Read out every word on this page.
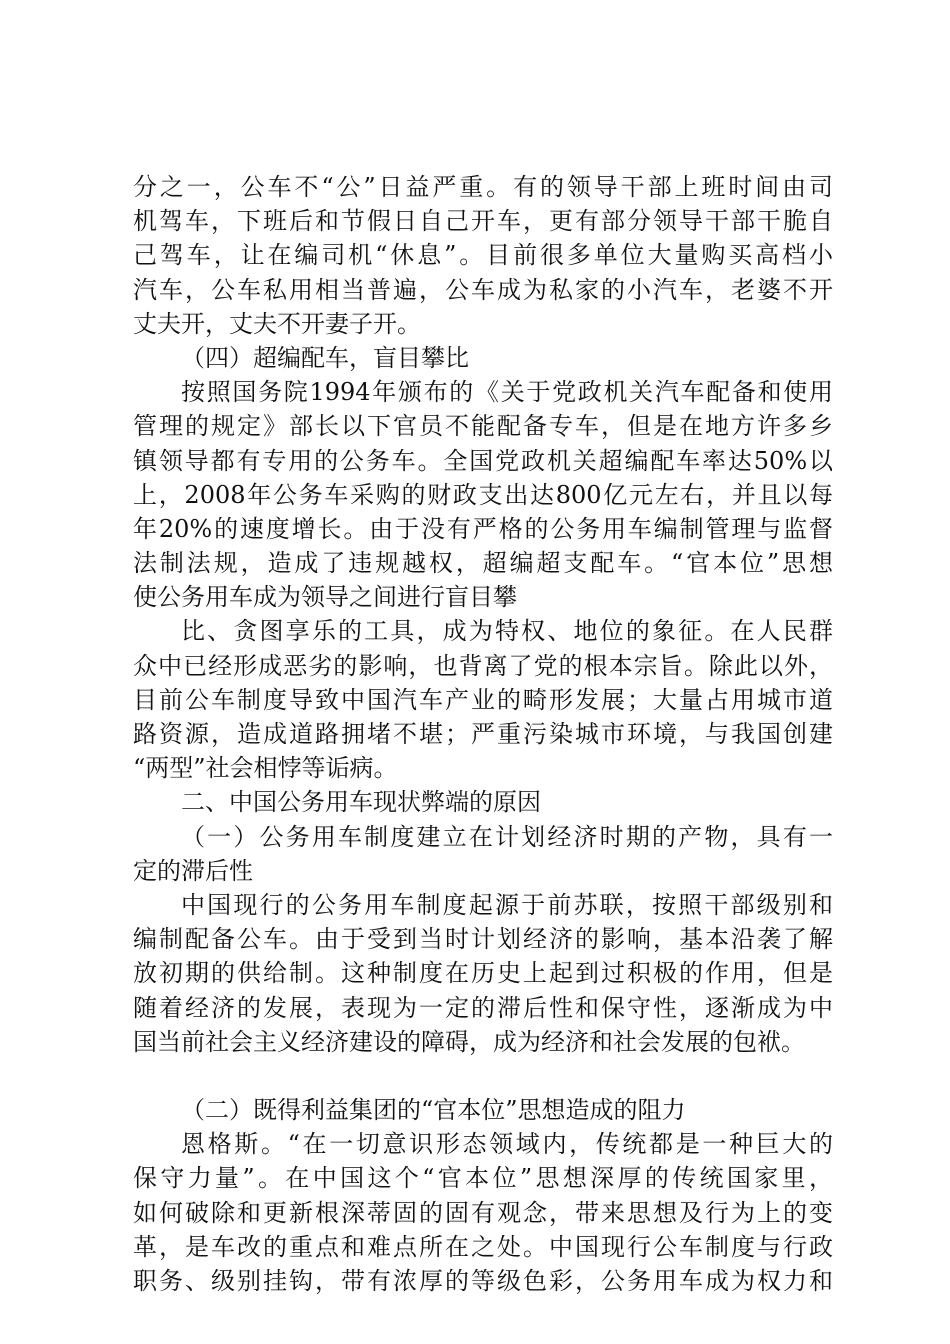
分之一，公车不“公”日益严重。有的领导干部上班时间由司
机驾车，下班后和节假日自己开车，更有部分领导干部干脆自
己驾车，让在编司机“休息”。目前很多单位大量购买高档小
汽车，公车私用相当普遍，公车成为私家的小汽车，老婆不开
丈夫开，丈夫不开妻子开。
（四）超编配车，盲目攀比
按照国务院1994年颁布的《关于党政机关汽车配备和使用
管理的规定》部长以下官员不能配备专车，但是在地方许多乡
镇领导都有专用的公务车。全国党政机关超编配车率达50%以
上，2008年公务车采购的财政支出达800亿元左右，并且以每
年20%的速度增长。由于没有严格的公务用车编制管理与监督
法制法规，造成了违规越权，超编超支配车。“官本位”思想
使公务用车成为领导之间进行盲目攀
比、贪图享乐的工具，成为特权、地位的象征。在人民群
众中已经形成恶劣的影响，也背离了党的根本宗旨。除此以外，
目前公车制度导致中国汽车产业的畸形发展；大量占用城市道
路资源，造成道路拥堵不堪；严重污染城市环境，与我国创建
“两型”社会相悖等诟病。
二、中国公务用车现状弊端的原因
（一）公务用车制度建立在计划经济时期的产物，具有一
定的滞后性
中国现行的公务用车制度起源于前苏联，按照干部级别和
编制配备公车。由于受到当时计划经济的影响，基本沿袭了解
放初期的供给制。这种制度在历史上起到过积极的作用，但是
随着经济的发展，表现为一定的滞后性和保守性，逐渐成为中
国当前社会主义经济建设的障碍，成为经济和社会发展的包袱。
（二）既得利益集团的“官本位”思想造成的阻力
恩格斯。“在一切意识形态领域内，传统都是一种巨大的
保守力量”。在中国这个“官本位”思想深厚的传统国家里，
如何破除和更新根深蒂固的固有观念，带来思想及行为上的变
革，是车改的重点和难点所在之处。中国现行公车制度与行政
职务、级别挂钩，带有浓厚的等级色彩，公务用车成为权力和
